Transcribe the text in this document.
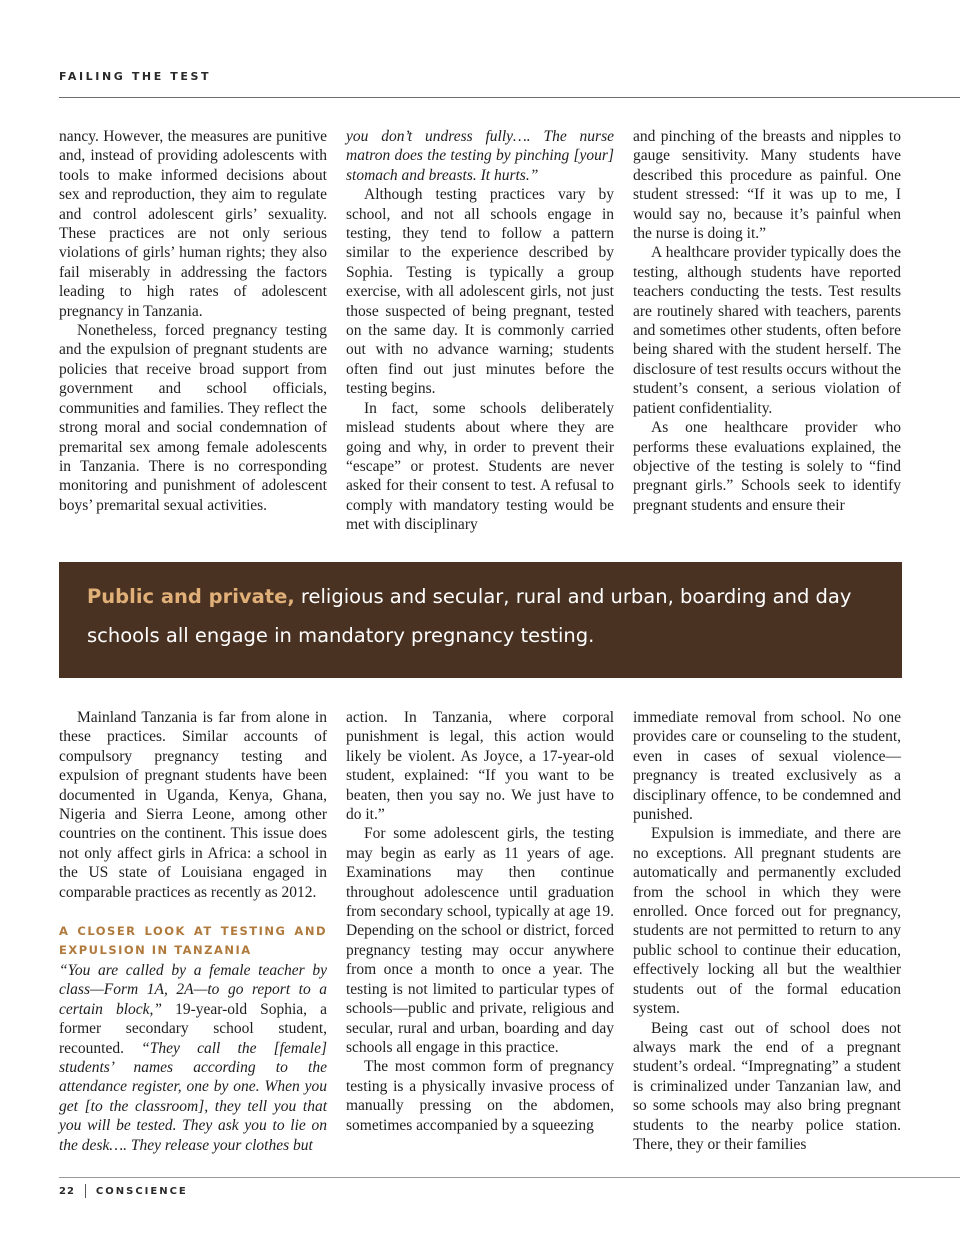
FAILING THE TEST

nancy. However, the measures are punitive and, instead of providing adolescents with tools to make informed decisions about sex and reproduction, they aim to regulate and control adolescent girls’ sexuality. These practices are not only serious violations of girls’ human rights; they also fail miserably in addressing the factors leading to high rates of adolescent pregnancy in Tanzania.

Nonetheless, forced pregnancy testing and the expulsion of pregnant students are policies that receive broad support from government and school officials, communities and families. They reflect the strong moral and social condemnation of premarital sex among female adolescents in Tanzania. There is no corresponding monitoring and punishment of adolescent boys’ premarital sexual activities.

you don’t undress fully…. The nurse matron does the testing by pinching [your] stomach and breasts. It hurts.”

Although testing practices vary by school, and not all schools engage in testing, they tend to follow a pattern similar to the experience described by Sophia. Testing is typically a group exercise, with all adolescent girls, not just those suspected of being pregnant, tested on the same day. It is commonly carried out with no advance warning; students often find out just minutes before the testing begins.

In fact, some schools deliberately mislead students about where they are going and why, in order to prevent their “escape” or protest. Students are never asked for their consent to test. A refusal to comply with mandatory testing would be met with disciplinary

and pinching of the breasts and nipples to gauge sensitivity. Many students have described this procedure as painful. One student stressed: “If it was up to me, I would say no, because it’s painful when the nurse is doing it.”

A healthcare provider typically does the testing, although students have reported teachers conducting the tests. Test results are routinely shared with teachers, parents and sometimes other students, often before being shared with the student herself. The disclosure of test results occurs without the student’s consent, a serious violation of patient confidentiality.

As one healthcare provider who performs these evaluations explained, the objective of the testing is solely to “find pregnant girls.” Schools seek to identify pregnant students and ensure their

Public and private, religious and secular, rural and urban, boarding and day schools all engage in mandatory pregnancy testing.

Mainland Tanzania is far from alone in these practices. Similar accounts of compulsory pregnancy testing and expulsion of pregnant students have been documented in Uganda, Kenya, Ghana, Nigeria and Sierra Leone, among other countries on the continent. This issue does not only affect girls in Africa: a school in the US state of Louisiana engaged in comparable practices as recently as 2012.

A CLOSER LOOK AT TESTING AND EXPULSION IN TANZANIA

“You are called by a female teacher by class—Form 1A, 2A—to go report to a certain block,” 19-year-old Sophia, a former secondary school student, recounted. “They call the [female] students’ names according to the attendance register, one by one. When you get [to the classroom], they tell you that you will be tested. They ask you to lie on the desk…. They release your clothes but

action. In Tanzania, where corporal punishment is legal, this action would likely be violent. As Joyce, a 17-year-old student, explained: “If you want to be beaten, then you say no. We just have to do it.”

For some adolescent girls, the testing may begin as early as 11 years of age. Examinations may then continue throughout adolescence until graduation from secondary school, typically at age 19. Depending on the school or district, forced pregnancy testing may occur anywhere from once a month to once a year. The testing is not limited to particular types of schools—public and private, religious and secular, rural and urban, boarding and day schools all engage in this practice.

The most common form of pregnancy testing is a physically invasive process of manually pressing on the abdomen, sometimes accompanied by a squeezing

immediate removal from school. No one provides care or counseling to the student, even in cases of sexual violence—pregnancy is treated exclusively as a disciplinary offence, to be condemned and punished.

Expulsion is immediate, and there are no exceptions. All pregnant students are automatically and permanently excluded from the school in which they were enrolled. Once forced out for pregnancy, students are not permitted to return to any public school to continue their education, effectively locking all but the wealthier students out of the formal education system.

Being cast out of school does not always mark the end of a pregnant student’s ordeal. “Impregnating” a student is criminalized under Tanzanian law, and so some schools may also bring pregnant students to the nearby police station. There, they or their families

22 CONSCIENCE
